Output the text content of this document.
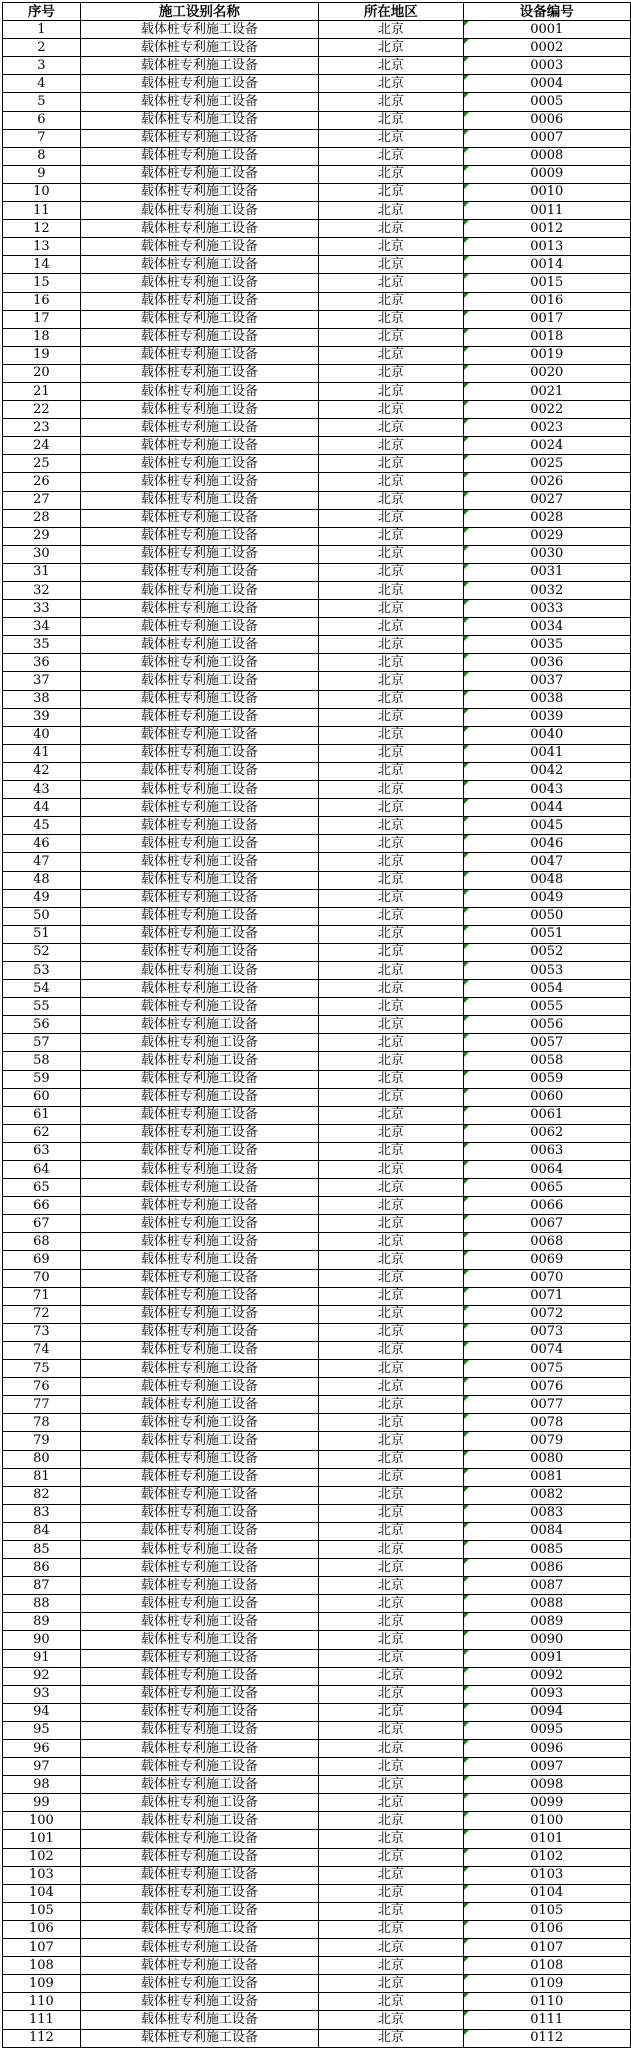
序号	施工设别名称	所在地区	设备编号
1	载体桩专利施工设备	北京	0001
2	载体桩专利施工设备	北京	0002
3	载体桩专利施工设备	北京	0003
4	载体桩专利施工设备	北京	0004
5	载体桩专利施工设备	北京	0005
6	载体桩专利施工设备	北京	0006
7	载体桩专利施工设备	北京	0007
8	载体桩专利施工设备	北京	0008
9	载体桩专利施工设备	北京	0009
10	载体桩专利施工设备	北京	0010
11	载体桩专利施工设备	北京	0011
12	载体桩专利施工设备	北京	0012
13	载体桩专利施工设备	北京	0013
14	载体桩专利施工设备	北京	0014
15	载体桩专利施工设备	北京	0015
16	载体桩专利施工设备	北京	0016
17	载体桩专利施工设备	北京	0017
18	载体桩专利施工设备	北京	0018
19	载体桩专利施工设备	北京	0019
20	载体桩专利施工设备	北京	0020
21	载体桩专利施工设备	北京	0021
22	载体桩专利施工设备	北京	0022
23	载体桩专利施工设备	北京	0023
24	载体桩专利施工设备	北京	0024
25	载体桩专利施工设备	北京	0025
26	载体桩专利施工设备	北京	0026
27	载体桩专利施工设备	北京	0027
28	载体桩专利施工设备	北京	0028
29	载体桩专利施工设备	北京	0029
30	载体桩专利施工设备	北京	0030
31	载体桩专利施工设备	北京	0031
32	载体桩专利施工设备	北京	0032
33	载体桩专利施工设备	北京	0033
34	载体桩专利施工设备	北京	0034
35	载体桩专利施工设备	北京	0035
36	载体桩专利施工设备	北京	0036
37	载体桩专利施工设备	北京	0037
38	载体桩专利施工设备	北京	0038
39	载体桩专利施工设备	北京	0039
40	载体桩专利施工设备	北京	0040
41	载体桩专利施工设备	北京	0041
42	载体桩专利施工设备	北京	0042
43	载体桩专利施工设备	北京	0043
44	载体桩专利施工设备	北京	0044
45	载体桩专利施工设备	北京	0045
46	载体桩专利施工设备	北京	0046
47	载体桩专利施工设备	北京	0047
48	载体桩专利施工设备	北京	0048
49	载体桩专利施工设备	北京	0049
50	载体桩专利施工设备	北京	0050
51	载体桩专利施工设备	北京	0051
52	载体桩专利施工设备	北京	0052
53	载体桩专利施工设备	北京	0053
54	载体桩专利施工设备	北京	0054
55	载体桩专利施工设备	北京	0055
56	载体桩专利施工设备	北京	0056
57	载体桩专利施工设备	北京	0057
58	载体桩专利施工设备	北京	0058
59	载体桩专利施工设备	北京	0059
60	载体桩专利施工设备	北京	0060
61	载体桩专利施工设备	北京	0061
62	载体桩专利施工设备	北京	0062
63	载体桩专利施工设备	北京	0063
64	载体桩专利施工设备	北京	0064
65	载体桩专利施工设备	北京	0065
66	载体桩专利施工设备	北京	0066
67	载体桩专利施工设备	北京	0067
68	载体桩专利施工设备	北京	0068
69	载体桩专利施工设备	北京	0069
70	载体桩专利施工设备	北京	0070
71	载体桩专利施工设备	北京	0071
72	载体桩专利施工设备	北京	0072
73	载体桩专利施工设备	北京	0073
74	载体桩专利施工设备	北京	0074
75	载体桩专利施工设备	北京	0075
76	载体桩专利施工设备	北京	0076
77	载体桩专利施工设备	北京	0077
78	载体桩专利施工设备	北京	0078
79	载体桩专利施工设备	北京	0079
80	载体桩专利施工设备	北京	0080
81	载体桩专利施工设备	北京	0081
82	载体桩专利施工设备	北京	0082
83	载体桩专利施工设备	北京	0083
84	载体桩专利施工设备	北京	0084
85	载体桩专利施工设备	北京	0085
86	载体桩专利施工设备	北京	0086
87	载体桩专利施工设备	北京	0087
88	载体桩专利施工设备	北京	0088
89	载体桩专利施工设备	北京	0089
90	载体桩专利施工设备	北京	0090
91	载体桩专利施工设备	北京	0091
92	载体桩专利施工设备	北京	0092
93	载体桩专利施工设备	北京	0093
94	载体桩专利施工设备	北京	0094
95	载体桩专利施工设备	北京	0095
96	载体桩专利施工设备	北京	0096
97	载体桩专利施工设备	北京	0097
98	载体桩专利施工设备	北京	0098
99	载体桩专利施工设备	北京	0099
100	载体桩专利施工设备	北京	0100
101	载体桩专利施工设备	北京	0101
102	载体桩专利施工设备	北京	0102
103	载体桩专利施工设备	北京	0103
104	载体桩专利施工设备	北京	0104
105	载体桩专利施工设备	北京	0105
106	载体桩专利施工设备	北京	0106
107	载体桩专利施工设备	北京	0107
108	载体桩专利施工设备	北京	0108
109	载体桩专利施工设备	北京	0109
110	载体桩专利施工设备	北京	0110
111	载体桩专利施工设备	北京	0111
112	载体桩专利施工设备	北京	0112
